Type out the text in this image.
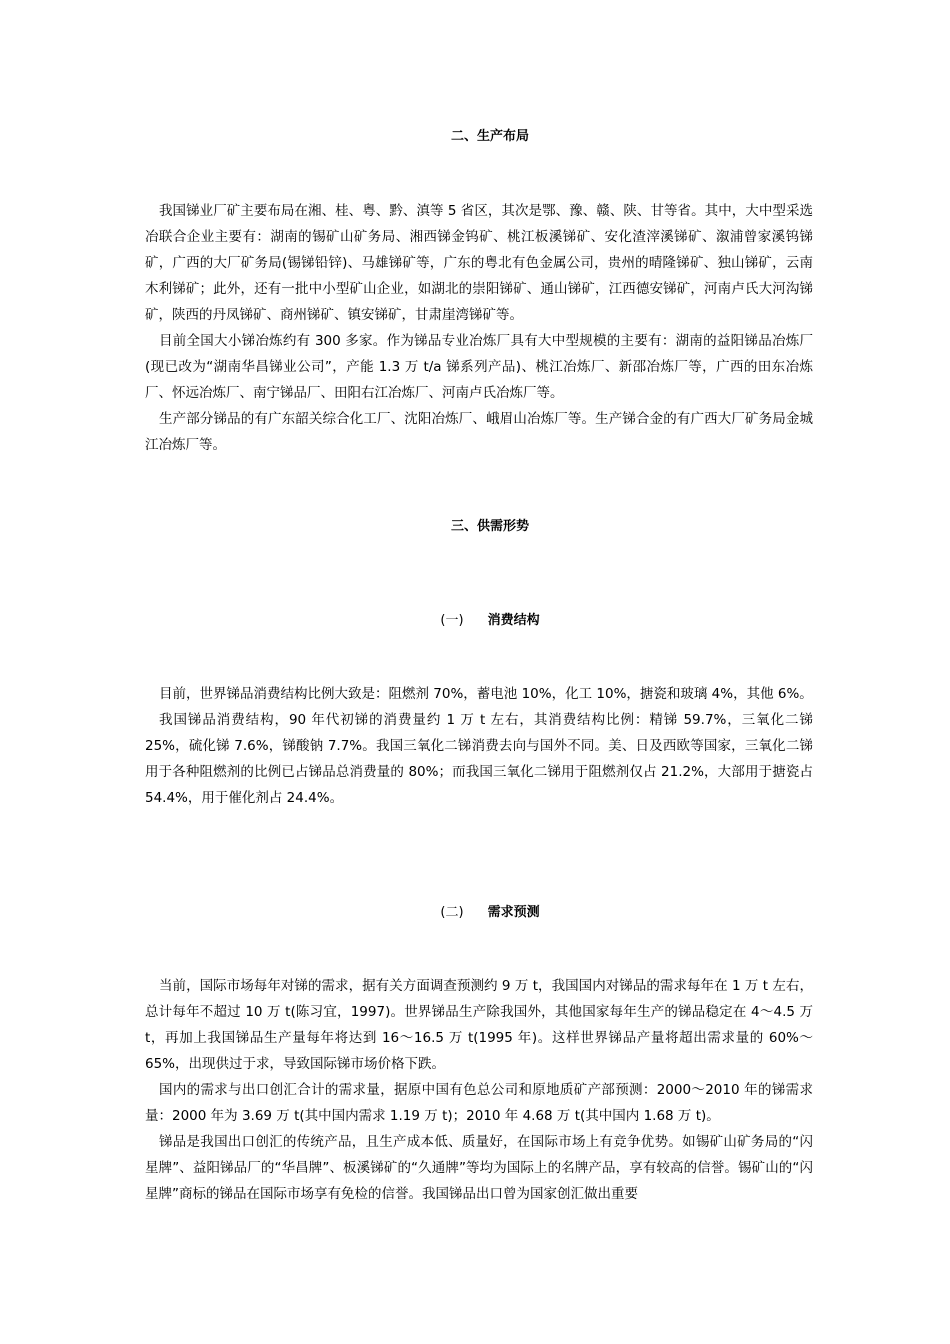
二、生产布局

我国锑业厂矿主要布局在湘、桂、粤、黔、滇等 5 省区，其次是鄂、豫、赣、陕、甘等省。其中，大中型采选冶联合企业主要有：湖南的锡矿山矿务局、湘西锑金钨矿、桃江板溪锑矿、安化渣滓溪锑矿、溆浦曾家溪钨锑矿，广西的大厂矿务局(锡锑铅锌)、马雄锑矿等，广东的粤北有色金属公司，贵州的晴隆锑矿、独山锑矿，云南木利锑矿；此外，还有一批中小型矿山企业，如湖北的崇阳锑矿、通山锑矿，江西德安锑矿，河南卢氏大河沟锑矿，陕西的丹凤锑矿、商州锑矿、镇安锑矿，甘肃崖湾锑矿等。

目前全国大小锑冶炼约有 300 多家。作为锑品专业冶炼厂具有大中型规模的主要有：湖南的益阳锑品冶炼厂(现已改为“湖南华昌锑业公司”，产能 1.3 万 t/a 锑系列产品)、桃江冶炼厂、新邵冶炼厂等，广西的田东冶炼厂、怀远冶炼厂、南宁锑品厂、田阳右江冶炼厂、河南卢氏冶炼厂等。

生产部分锑品的有广东韶关综合化工厂、沈阳冶炼厂、峨眉山冶炼厂等。生产锑合金的有广西大厂矿务局金城江冶炼厂等。

三、供需形势
(一) 消费结构

目前，世界锑品消费结构比例大致是：阻燃剂 70%，蓄电池 10%，化工 10%，搪瓷和玻璃 4%，其他 6%。

我国锑品消费结构，90 年代初锑的消费量约 1 万 t 左右，其消费结构比例：精锑 59.7%，三氧化二锑 25%，硫化锑 7.6%，锑酸钠 7.7%。我国三氧化二锑消费去向与国外不同。美、日及西欧等国家，三氧化二锑用于各种阻燃剂的比例已占锑品总消费量的 80%；而我国三氧化二锑用于阻燃剂仅占 21.2%，大部用于搪瓷占 54.4%，用于催化剂占 24.4%。

(二) 需求预测

当前，国际市场每年对锑的需求，据有关方面调查预测约 9 万 t，我国国内对锑品的需求每年在 1 万 t 左右，总计每年不超过 10 万 t(陈习宜，1997)。世界锑品生产除我国外，其他国家每年生产的锑品稳定在 4～4.5 万 t，再加上我国锑品生产量每年将达到 16～16.5 万 t(1995 年)。这样世界锑品产量将超出需求量的 60%～65%，出现供过于求，导致国际锑市场价格下跌。

国内的需求与出口创汇合计的需求量，据原中国有色总公司和原地质矿产部预测：2000～2010 年的锑需求量：2000 年为 3.69 万 t(其中国内需求 1.19 万 t)；2010 年 4.68 万 t(其中国内 1.68 万 t)。

锑品是我国出口创汇的传统产品，且生产成本低、质量好，在国际市场上有竞争优势。如锡矿山矿务局的“闪星牌”、益阳锑品厂的“华昌牌”、板溪锑矿的“久通牌”等均为国际上的名牌产品，享有较高的信誉。锡矿山的“闪星牌”商标的锑品在国际市场享有免检的信誉。我国锑品出口曾为国家创汇做出重要
